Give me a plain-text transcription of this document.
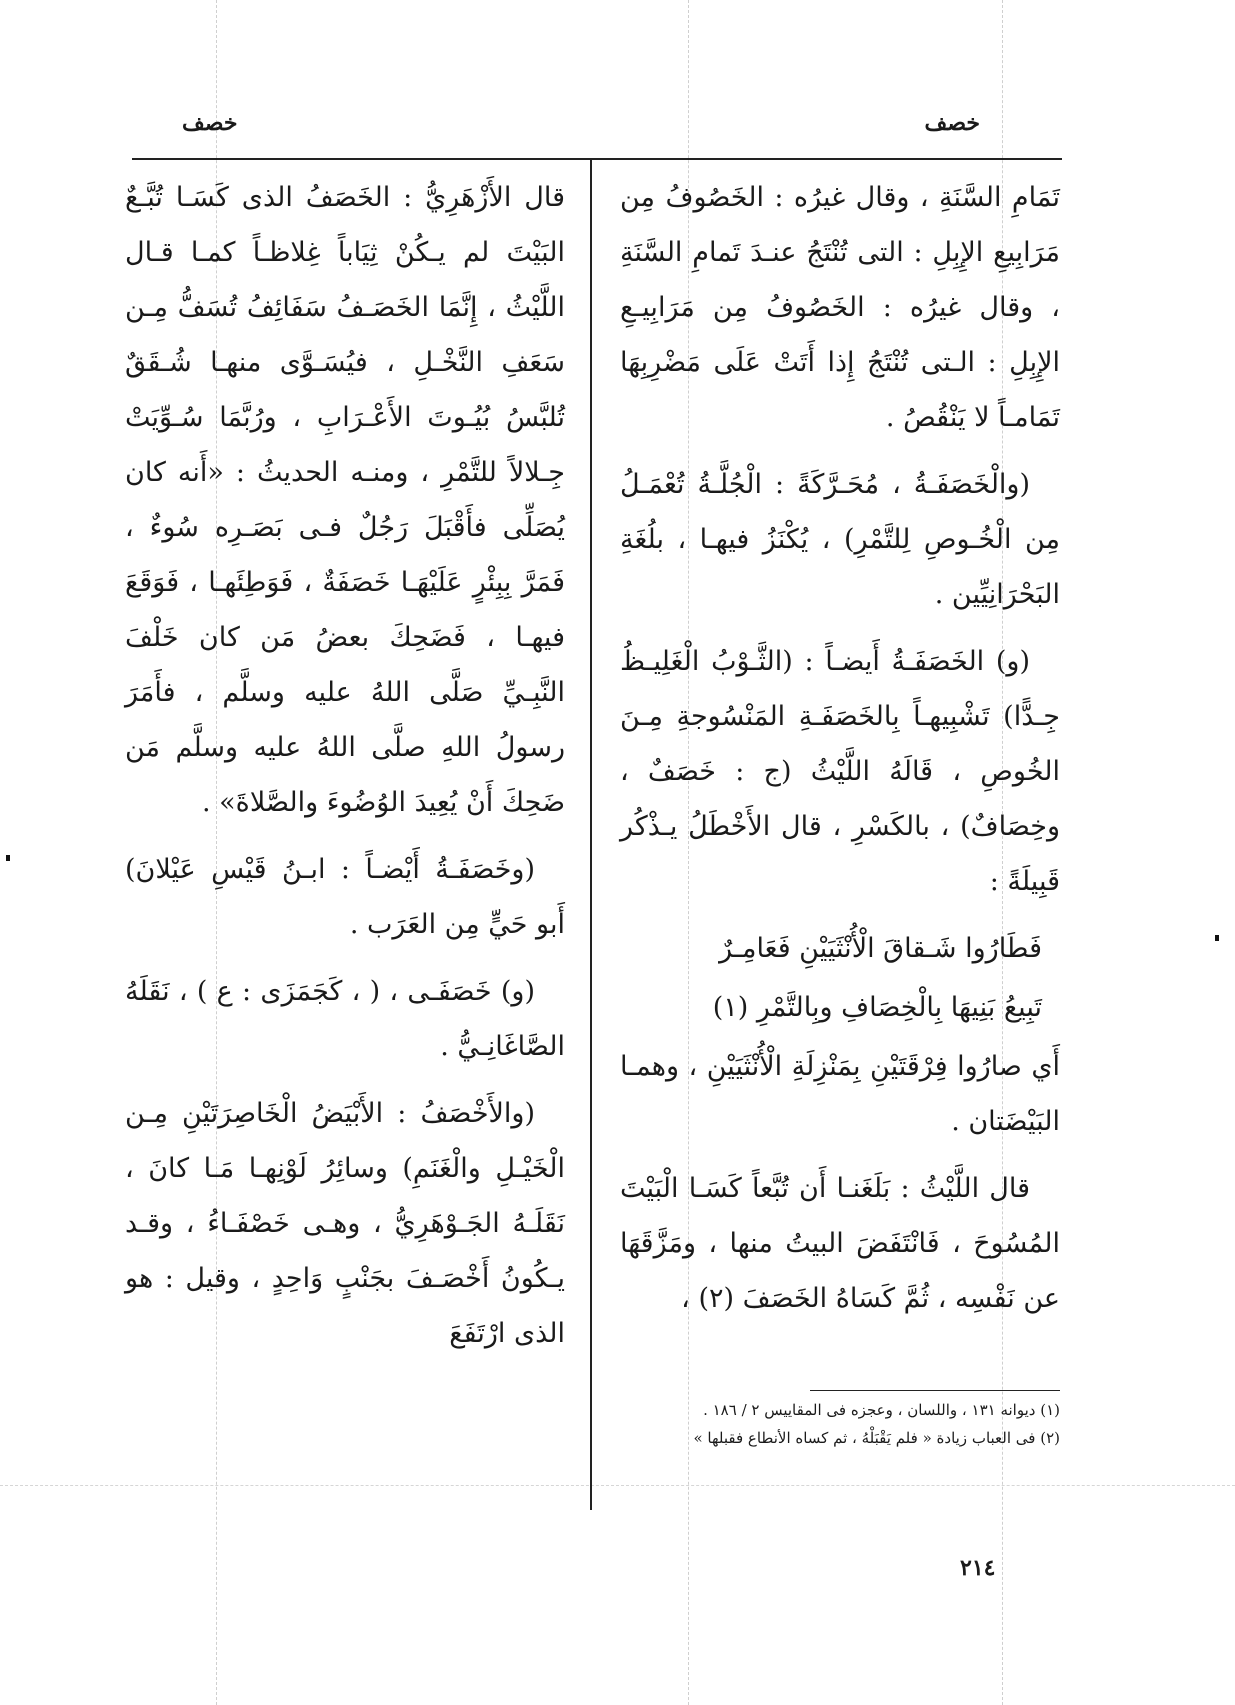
خصف
خصف

تَمَامِ السَّنَةِ ، وقال غيرُه : الخَصُوفُ مِن مَرَابِيعِ الإِبِلِ : التى تُنْتَجُ عنـدَ تَمامِ السَّنَةِ ، وقال غيرُه : الخَصُوفُ مِن مَرَابِيـعِ الإِبِلِ : الـتى تُنْتَجُ إِذا أَتَتْ عَلَى مَضْرِبِهَا تَمَامـاً لا يَنْقُصُ .

(والْخَصَفَـةُ ، مُحَـرَّكَةً : الْجُلَّـةُ تُعْمَـلُ مِن الْخُـوصِ لِلتَّمْرِ) ، يُكْنَزُ فيهـا ، بلُغَةِ البَحْرَانِيِّين .

(و) الخَصَفَـةُ أَيضـاً : (الثَّـوْبُ الْغَلِيـظُ جِـدًّا) تَشْبِيهـاً بِالخَصَفَـةِ المَنْسُوجةِ مِـنَ الخُوصِ ، قَالَهُ اللَّيْثُ (ج : خَصَفٌ ، وخِصَافٌ) ، بالكَسْرِ ، قال الأَخْطَلُ يـذْكُر قَبِيلَةً :

فَطَارُوا شَـقاقَ الْأُنْثَيَيْنِ فَعَامِـرٌ
تَبِيعُ بَنِيهَا بِالْخِصَافِ وبِالتَّمْرِ (١)

أَي صارُوا فِرْقَتَيْنِ بِمَنْزِلَةِ الْأُنْثَيَيْنِ ، وهمـا البَيْضَتان .

قال اللَّيْثُ : بَلَغَنـا أَن تُبَّعاً كَسَـا الْبَيْتَ المُسُوحَ ، فَانْتَفَضَ البيتُ منها ، ومَزَّقَهَا عن نَفْسِه ، ثُمَّ كَسَاهُ الخَصَفَ (٢) ،

قال الأَزْهَرِيُّ : الخَصَفُ الذى كَسَـا تُبَّـعٌ البَيْتَ لم يـكُنْ ثِيَاباً غِلاظـاً كمـا قـال اللَّيْثُ ، إِنَّمَا الخَصَـفُ سَفَائِفُ تُسَفُّ مِـن سَعَفِ النَّخْـلِ ، فيُسَـوَّى منهـا شُـقَقٌ تُلبَّسُ بُيُـوتَ الأَعْـرَابِ ، ورُبَّمَا سُـوِّيَتْ جِـلالاً للتَّمْرِ ، ومنـه الحديثُ : «أَنه كان يُصَلِّى فأَقْبَلَ رَجُلٌ فـى بَصَـرِه سُوءٌ ، فَمَرَّ بِبِئْرٍ عَلَيْهَـا خَصَفَةٌ ، فَوَطِئَهـا ، فَوَقَعَ فيهـا ، فَضَحِكَ بعضُ مَن كان خَلْفَ النَّبِـيِّ صَلَّى اللهُ عليه وسلَّم ، فأَمَرَ رسولُ اللهِ صلَّى اللهُ عليه وسلَّم مَن ضَحِكَ أَنْ يُعِيدَ الوُضُوءَ والصَّلاةَ» .

(وخَصَفَـةُ أَيْضـاً : ابـنُ قَيْسِ عَيْلانَ) أَبو حَيٍّ مِن العَرَب .

(و) خَصَفَـى ، ( ، كَجَمَزَى : ع ) ، نَقَلَهُ الصَّاغَانِـيُّ .

(والأَخْصَفُ : الأَبْيَضُ الْخَاصِرَتَيْنِ مِـن الْخَيْـلِ والْغَنَمِ) وسائِرُ لَوْنِهـا مَـا كانَ ، نَقَلَـهُ الجَـوْهَرِيُّ ، وهـى خَصْفَـاءُ ، وقـد يـكُونُ أَخْصَـفَ بجَنْبٍ وَاحِدٍ ، وقيل : هو الذى ارْتَفَعَ

(١) ديوانه ١٣١ ، واللسان ، وعجزه فى المقاييس ٢ / ١٨٦ .
(٢) فى العباب زيادة « فلم يَقْبَلْهُ ، ثم كساه الأنطاع فقبلها »
٢١٤
